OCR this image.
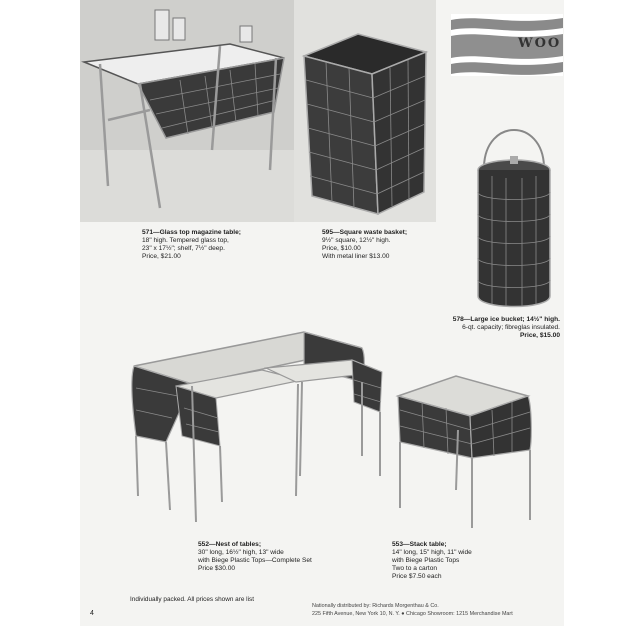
WOO
571—Glass top magazine table;
18" high. Tempered glass top,
23" x 17½"; shelf, 7½" deep.
Price, $21.00
595—Square waste basket;
9½" square, 12½" high.
Price, $10.00
With metal liner $13.00
578—Large ice bucket; 14½" high.
6-qt. capacity; fibreglas insulated.
Price, $15.00
552—Nest of tables;
30" long, 16½" high, 13" wide
with Biege Plastic Tops—Complete Set
Price $30.00
553—Stack table;
14" long, 15" high, 11" wide
with Biege Plastic Tops
Two to a carton
Price $7.50 each
Individually packed. All prices shown are list
Nationally distributed by: Richards Morgenthau & Co.
225 Fifth Avenue, New York 10, N. Y. ● Chicago Showroom: 1215 Merchandise Mart
4
